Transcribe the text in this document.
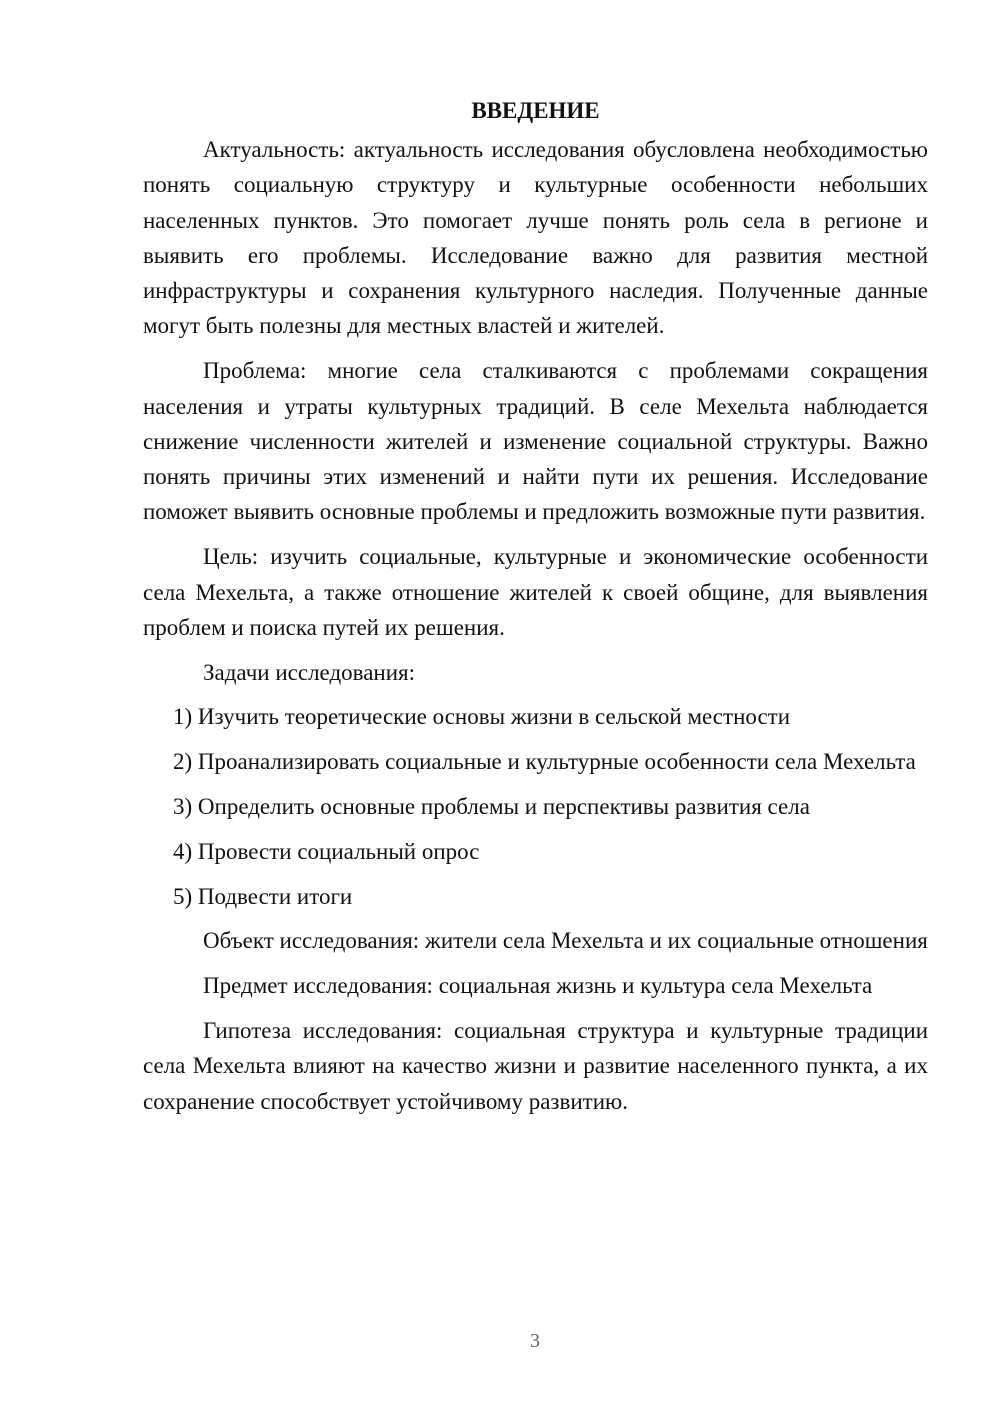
ВВЕДЕНИЕ

Актуальность: актуальность исследования обусловлена необходимостью понять социальную структуру и культурные особенности небольших населенных пунктов. Это помогает лучше понять роль села в регионе и выявить его проблемы. Исследование важно для развития местной инфраструктуры и сохранения культурного наследия. Полученные данные могут быть полезны для местных властей и жителей.

Проблема: многие села сталкиваются с проблемами сокращения населения и утраты культурных традиций. В селе Мехельта наблюдается снижение численности жителей и изменение социальной структуры. Важно понять причины этих изменений и найти пути их решения. Исследование поможет выявить основные проблемы и предложить возможные пути развития.

Цель: изучить социальные, культурные и экономические особенности села Мехельта, а также отношение жителей к своей общине, для выявления проблем и поиска путей их решения.

Задачи исследования:

1) Изучить теоретические основы жизни в сельской местности

2) Проанализировать социальные и культурные особенности села Мехельта

3) Определить основные проблемы и перспективы развития села

4) Провести социальный опрос

5) Подвести итоги

Объект исследования: жители села Мехельта и их социальные отношения

Предмет исследования: социальная жизнь и культура села Мехельта

Гипотеза исследования: социальная структура и культурные традиции села Мехельта влияют на качество жизни и развитие населенного пункта, а их сохранение способствует устойчивому развитию.

3
